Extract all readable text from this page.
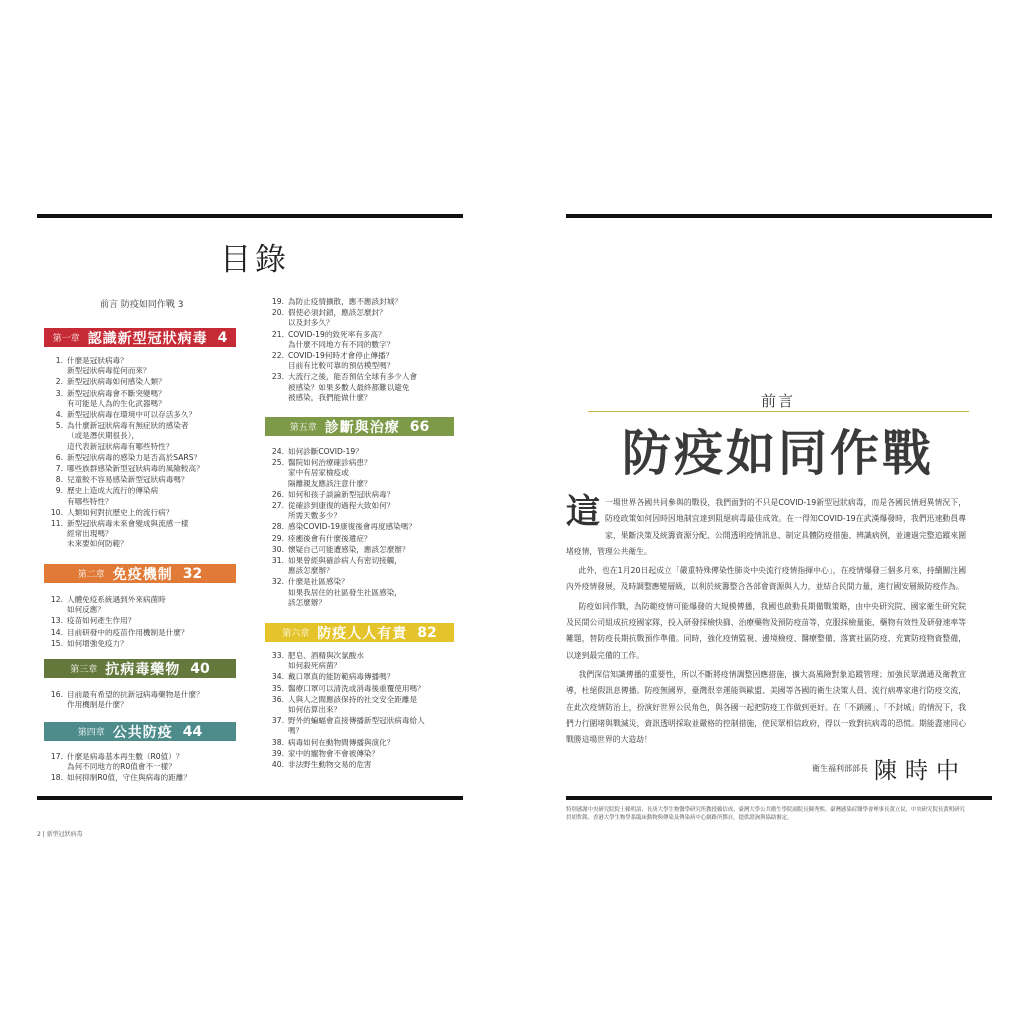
目錄
前言 防疫如同作戰 3
第一章 認識新型冠狀病毒 4
第二章 免疫機制 32
第三章 抗病毒藥物 40
第四章 公共防疫 44
第五章 診斷與治療 66
第六章 防疫人人有責 82
1. 什麼是冠狀病毒？
新型冠狀病毒從何而來？
2. 新型冠狀病毒如何感染人類？
3. 新型冠狀病毒會不斷突變嗎？
有可能是人為的生化武器嗎？
4. 新型冠狀病毒在環境中可以存活多久？
5. 為什麼新冠狀病毒有無症狀的感染者
（或是潛伏期很長），
這代表新冠狀病毒有哪些特性？
6. 新型冠狀病毒的感染力是否高於SARS？
7. 哪些族群感染新型冠狀病毒的風險較高？
8. 兒童較不容易感染新型冠狀病毒嗎？
9. 歷史上造成大流行的傳染病
有哪些特性？
10. 人類如何對抗歷史上的流行病？
11. 新型冠狀病毒未來會變成與流感一樣
經常出現嗎？
未來要如何防範？
12. 人體免疫系統遇到外來病菌時
如何反應？
13. 疫苗如何產生作用？
14. 目前研發中的疫苗作用機制是什麼？
15. 如何增強免疫力？
16. 目前最有希望的抗新冠病毒藥物是什麼？
作用機制是什麼？
17. 什麼是病毒基本再生數（R0值）？
為何不同地方的R0值會不一樣？
18. 如何抑制R0值，守住與病毒的距離？
19. 為防止疫情擴散，應不應該封城？
20. 假使必須封鎖，應該怎麼封？
以及封多久？
21. COVID-19的致死率有多高？
為什麼不同地方有不同的數字？
22. COVID-19何時才會停止傳播？
目前有比較可靠的預估模型嗎？
23. 大流行之後，能否預估全球有多少人會
被感染？如果多數人最終都難以避免
被感染，我們能做什麼？
24. 如何診斷COVID-19？
25. 醫院如何治療確診病患？
家中有居家檢疫或
隔離親友應該注意什麼？
26. 如何和孩子談論新型冠狀病毒？
27. 從確診到康復的過程大致如何？
所需天數多少？
28. 感染COVID-19康復後會再度感染嗎？
29. 痊癒後會有什麼後遺症？
30. 懷疑自己可能遭感染，應該怎麼辦？
31. 如果曾經與確診病人有密切接觸，
應該怎麼辦？
32. 什麼是社區感染？
如果我居住的社區發生社區感染，
該怎麼辦？
33. 肥皂、酒精與次氯酸水
如何殺死病菌？
34. 戴口罩真的能防範病毒傳播嗎？
35. 醫療口罩可以清洗或消毒後重覆使用嗎？
36. 人與人之間應該保持的社交安全距離是
如何估算出來？
37. 野外的蝙蝠會直接傳播新型冠狀病毒給人
嗎？
38. 病毒如何在動物間傳播與演化？
39. 家中的寵物會不會被傳染？
40. 非法野生動物交易的危害
2 | 新型冠狀病毒
前言
防疫如同作戰

這一場世界各國共同參與的戰役，我們面對的不只是COVID-19新型冠狀病毒，而是各國民情迥異情況下，防疫政策如何因時因地制宜達到阻絕病毒最佳成效。在一得知COVID-19在武漢爆發時，我們迅速動員專家，果斷決策及統籌資源分配、公開透明疫情訊息、制定具體防疫措施、辨識病例，並適過完整追蹤來圍堵疫情，管理公共衛生。

此外，也在1月20日起成立「嚴重特殊傳染性肺炎中央流行疫情指揮中心」，在疫情爆發三個多月來，持續關注國內外疫情發展，及時調整應變層級，以利於統籌整合各部會資源與人力，並結合民間力量，進行國安層級防疫作為。

防疫如同作戰，為防範疫情可能爆發的大規模傳播，我國也啟動長期備戰策略，由中央研究院、國家衛生研究院及民間公司組成抗疫國家隊，投入研發採檢快篩、治療藥物及預防疫苗等，克服採檢量能、藥物有效性及研發速率等難題，替防疫長期抗戰預作準備。同時，強化疫情監視、邊境檢疫、醫療整備、落實社區防疫、充實防疫物資整備，以達到最完備的工作。

我們深信知識傳播的重要性，所以不斷將疫情調整因應措施，擴大高風險對象追蹤管理；加強民眾溝通及衛教宣導，杜絕假訊息傳播。防疫無國界，臺灣很幸運能與歐盟、美國等各國的衛生決策人員、流行病專家進行防疫交流，在此次疫情防治上，扮演好世界公民角色，與各國一起把防疫工作做到更好。在「不鎖國」、「不封城」的情況下，我們力行圍堵與戰減災，資訊透明採取並嚴格的控制措施，使民眾相信政府，得以一致對抗病毒的恐慌。期能盡速同心戰勝這場世界的大造劫！

衛生福利部部長 陳時中
特別感謝中央研究院院士賴明詔、長庚大學生物醫學研究所教授賴信成、臺灣大學公共衛生學院副院長陳秀熙、臺灣感染症醫學會理事長黃立民、中央研究院長黃明研究員胡哲銘、香港大學生物學系臨床動物與傳染及傳染病中心網路所鄧自，提供諮詢與協助審定。
